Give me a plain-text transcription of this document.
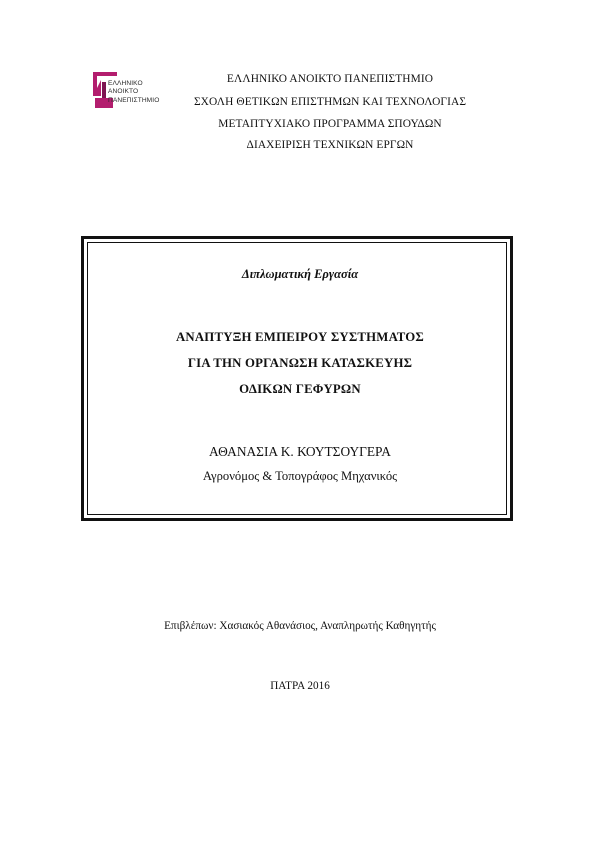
ΕΛΛΗΝΙΚΟ
ΑΝΟΙΚΤΟ
ΠΑΝΕΠΙΣΤΗΜΙΟ
ΕΛΛΗΝΙΚΟ ΑΝΟΙΚΤΟ ΠΑΝΕΠΙΣΤΗΜΙΟ
ΣΧΟΛΗ ΘΕΤΙΚΩΝ ΕΠΙΣΤΗΜΩΝ ΚΑΙ ΤΕΧΝΟΛΟΓΙΑΣ
ΜΕΤΑΠΤΥΧΙΑΚΟ ΠΡΟΓΡΑΜΜΑ ΣΠΟΥΔΩΝ
ΔΙΑΧΕΙΡΙΣΗ ΤΕΧΝΙΚΩΝ ΕΡΓΩΝ
Διπλωματική Εργασία
ΑΝΑΠΤΥΞΗ ΕΜΠΕΙΡΟΥ ΣΥΣΤΗΜΑΤΟΣ
ΓΙΑ ΤΗΝ ΟΡΓΑΝΩΣΗ ΚΑΤΑΣΚΕΥΗΣ
ΟΔΙΚΩΝ ΓΕΦΥΡΩΝ
ΑΘΑΝΑΣΙΑ Κ. ΚΟΥΤΣΟΥΓΕΡΑ
Αγρονόμος & Τοπογράφος Μηχανικός
Επιβλέπων: Χασιακός Αθανάσιος, Αναπληρωτής Καθηγητής
ΠΑΤΡΑ 2016
